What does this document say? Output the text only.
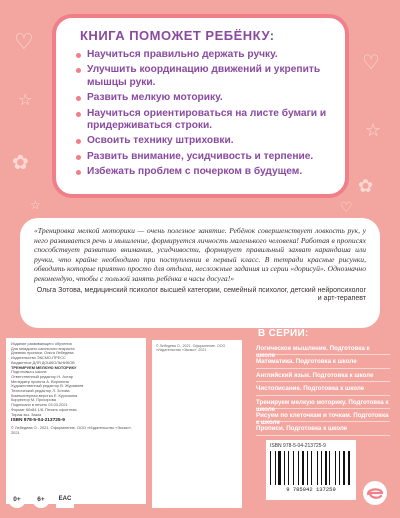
♡
☆
✿
♡
☆
✿
☆	♡
КНИГА ПОМОЖЕТ РЕБЁНКУ:
Научиться правильно держать ручку.
Улучшить координацию движений и укрепить мышцы руки.
Развить мелкую моторику.
Научиться ориентироваться на листе бумаги и придерживаться строки.
Освоить технику штриховки.
Развить внимание, усидчивость и терпение.
Избежать проблем с почерком в будущем.

«Тренировка мелкой моторики — очень полезное занятие. Ребёнок совершенствует ловкость рук, у него развивается речь и мышление, формируется личность маленького человека! Работая в прописях способствует развитию внимания, усидчивости, формирует правильный захват карандаша или ручки, что крайне необходимо при поступлении в первый класс. В тетради красные рисунки, обводить которые приятно просто для отдыха, несложные задания из серии «дорисуй». Однозначно рекомендую, чтобы с пользой занять ребёнка в часы досуга!»

Ольга Зотова, медицинский психолог высшей категории, семейный психолог, детский нейропсихолог и арт-терапевт

Издание развивающего обучения
Для младшего школьного возраста
Дневник прописи, Ольга Лебедева
Издательство ЭКСМО-ПРЕСС
Бюджетное ДЛЯ ДОШКОЛЬНИКОВ
ТРЕНИРУЕМ МЕЛКУЮ МОТОРИКУ
Подготовка к школе
Ответственный редактор Н. Ахтар
Менеджер проекта А. Воронина
Художественный редактор В. Журавлев
Технический редактор Л. Зотова
Компьютерная верстка Е. Курочкина
Корректор М. Прохорова
Подписано в печать 03.03.2021
Формат 60x84 1/8. Печать офсетная.
Тираж экз. Заказ
ISBN 978-5-04-213725-9
© Лебедева О., 2021. Оформление. ООО «Издательство «Эксмо», 2021
0+	6+	EAC
© Лебедева О., 2021. Оформление. ООО «Издательство «Эксмо», 2021
В СЕРИИ:
Логическое мышление. Подготовка к школе
Математика. Подготовка к школе
Английский язык. Подготовка к школе
Чистописание. Подготовка к школе
Тренируем мелкую моторику. Подготовка к школе
Рисуем по клеточкам и точкам. Подготовка к школе
Прописи. Подготовка к школе
ISBN 978-5-04-213725-9
9 785042 137259
